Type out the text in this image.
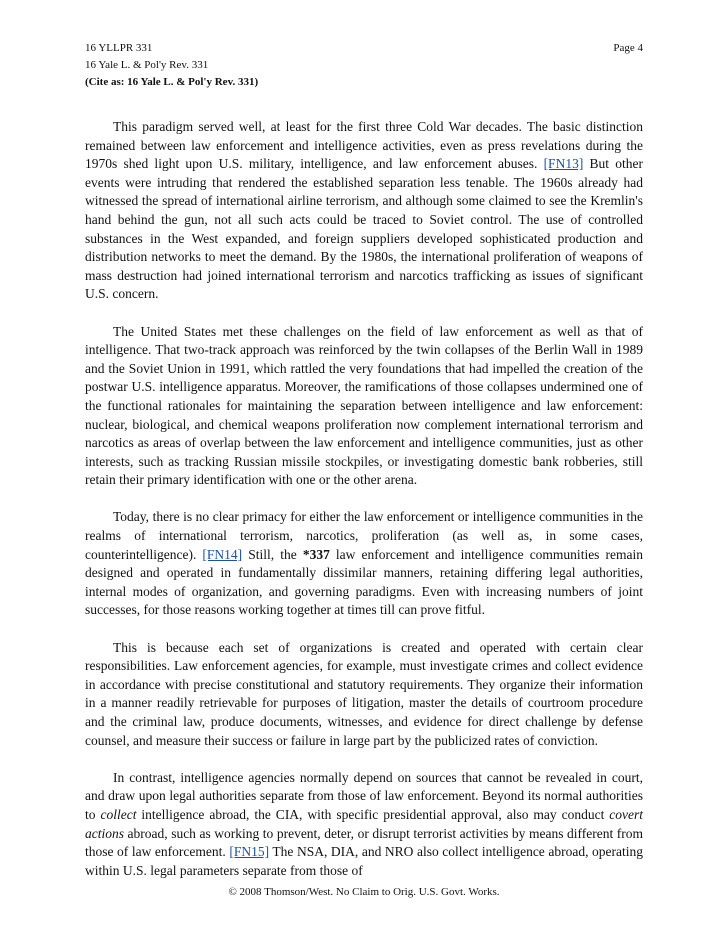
16 YLLPR 331	Page 4
16 Yale L. & Pol'y Rev. 331
(Cite as: 16 Yale L. & Pol'y Rev. 331)

This paradigm served well, at least for the first three Cold War decades. The basic distinction remained between law enforcement and intelligence activities, even as press revelations during the 1970s shed light upon U.S. military, intelligence, and law enforcement abuses. [FN13] But other events were intruding that rendered the established separation less tenable. The 1960s already had witnessed the spread of international airline terrorism, and although some claimed to see the Kremlin's hand behind the gun, not all such acts could be traced to Soviet control. The use of controlled substances in the West expanded, and foreign suppliers developed sophisticated production and distribution networks to meet the demand. By the 1980s, the international proliferation of weapons of mass destruction had joined international terrorism and narcotics trafficking as issues of significant U.S. concern.

The United States met these challenges on the field of law enforcement as well as that of intelligence. That two-track approach was reinforced by the twin collapses of the Berlin Wall in 1989 and the Soviet Union in 1991, which rattled the very foundations that had impelled the creation of the postwar U.S. intelligence apparatus. Moreover, the ramifications of those collapses undermined one of the functional rationales for maintaining the separation between intelligence and law enforcement: nuclear, biological, and chemical weapons proliferation now complement international terrorism and narcotics as areas of overlap between the law enforcement and intelligence communities, just as other interests, such as tracking Russian missile stockpiles, or investigating domestic bank robberies, still retain their primary identification with one or the other arena.

Today, there is no clear primacy for either the law enforcement or intelligence communities in the realms of international terrorism, narcotics, proliferation (as well as, in some cases, counterintelligence). [FN14] Still, the *337 law enforcement and intelligence communities remain designed and operated in fundamentally dissimilar manners, retaining differing legal authorities, internal modes of organization, and governing paradigms. Even with increasing numbers of joint successes, for those reasons working together at times till can prove fitful.

This is because each set of organizations is created and operated with certain clear responsibilities. Law enforcement agencies, for example, must investigate crimes and collect evidence in accordance with precise constitutional and statutory requirements. They organize their information in a manner readily retrievable for purposes of litigation, master the details of courtroom procedure and the criminal law, produce documents, witnesses, and evidence for direct challenge by defense counsel, and measure their success or failure in large part by the publicized rates of conviction.

In contrast, intelligence agencies normally depend on sources that cannot be revealed in court, and draw upon legal authorities separate from those of law enforcement. Beyond its normal authorities to collect intelligence abroad, the CIA, with specific presidential approval, also may conduct covert actions abroad, such as working to prevent, deter, or disrupt terrorist activities by means different from those of law enforcement. [FN15] The NSA, DIA, and NRO also collect intelligence abroad, operating within U.S. legal parameters separate from those of

© 2008 Thomson/West. No Claim to Orig. U.S. Govt. Works.
